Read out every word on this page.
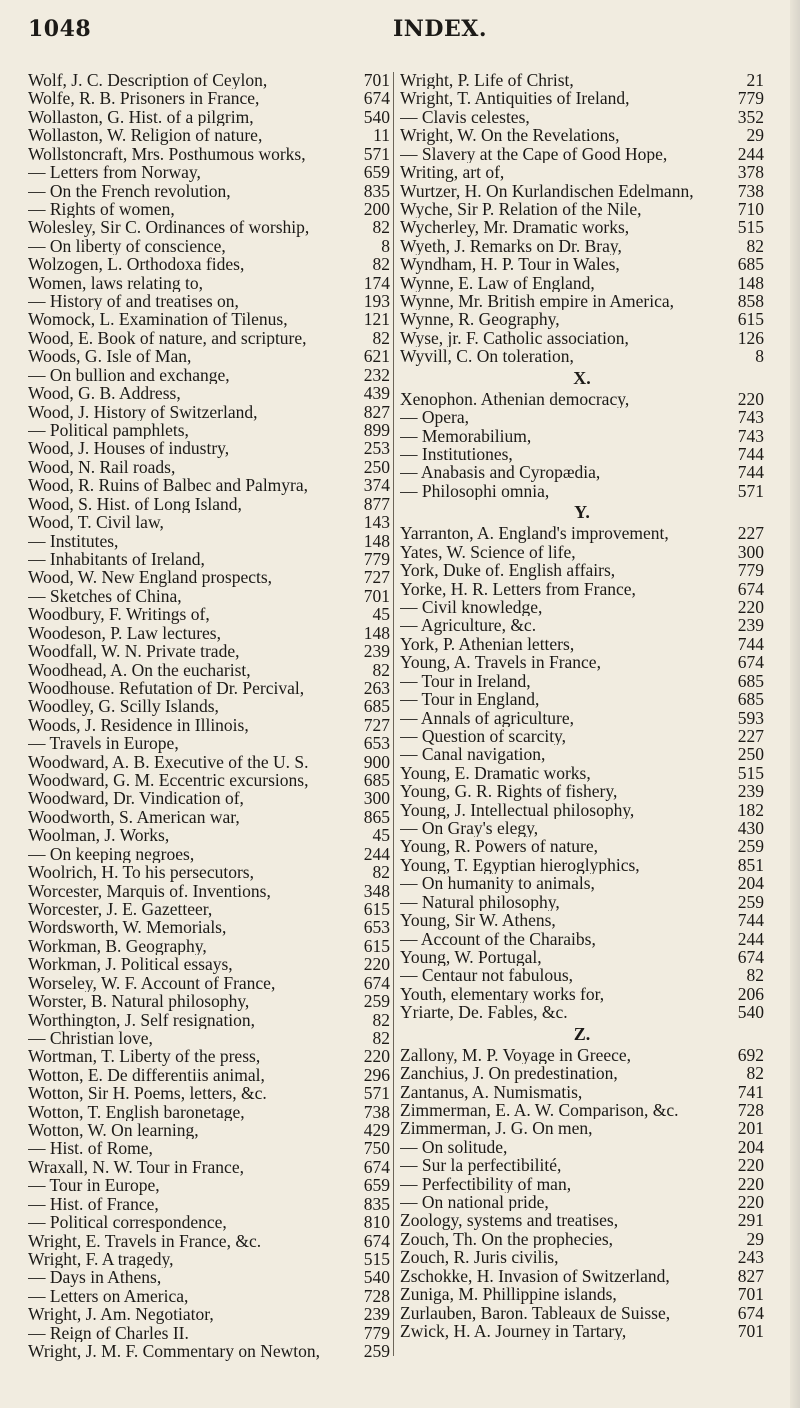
1048	INDEX.
Wolf, J. C. Description of Ceylon,	701
Wolfe, R. B. Prisoners in France,	674
Wollaston, G. Hist. of a pilgrim,	540
Wollaston, W. Religion of nature,	11
Wollstoncraft, Mrs. Posthumous works,	571
— Letters from Norway,	659
— On the French revolution,	835
— Rights of women,	200
Wolesley, Sir C. Ordinances of worship,	82
— On liberty of conscience,	8
Wolzogen, L. Orthodoxa fides,	82
Women, laws relating to,	174
— History of and treatises on,	193
Womock, L. Examination of Tilenus,	121
Wood, E. Book of nature, and scripture,	82
Woods, G. Isle of Man,	621
— On bullion and exchange,	232
Wood, G. B. Address,	439
Wood, J. History of Switzerland,	827
— Political pamphlets,	899
Wood, J. Houses of industry,	253
Wood, N. Rail roads,	250
Wood, R. Ruins of Balbec and Palmyra,	374
Wood, S. Hist. of Long Island,	877
Wood, T. Civil law,	143
— Institutes,	148
— Inhabitants of Ireland,	779
Wood, W. New England prospects,	727
— Sketches of China,	701
Woodbury, F. Writings of,	45
Woodeson, P. Law lectures,	148
Woodfall, W. N. Private trade,	239
Woodhead, A. On the eucharist,	82
Woodhouse. Refutation of Dr. Percival,	263
Woodley, G. Scilly Islands,	685
Woods, J. Residence in Illinois,	727
— Travels in Europe,	653
Woodward, A. B. Executive of the U. S.	900
Woodward, G. M. Eccentric excursions,	685
Woodward, Dr. Vindication of,	300
Woodworth, S. American war,	865
Woolman, J. Works,	45
— On keeping negroes,	244
Woolrich, H. To his persecutors,	82
Worcester, Marquis of. Inventions,	348
Worcester, J. E. Gazetteer,	615
Wordsworth, W. Memorials,	653
Workman, B. Geography,	615
Workman, J. Political essays,	220
Worseley, W. F. Account of France,	674
Worster, B. Natural philosophy,	259
Worthington, J. Self resignation,	82
— Christian love,	82
Wortman, T. Liberty of the press,	220
Wotton, E. De differentiis animal,	296
Wotton, Sir H. Poems, letters, &c.	571
Wotton, T. English baronetage,	738
Wotton, W. On learning,	429
— Hist. of Rome,	750
Wraxall, N. W. Tour in France,	674
— Tour in Europe,	659
— Hist. of France,	835
— Political correspondence,	810
Wright, E. Travels in France, &c.	674
Wright, F. A tragedy,	515
— Days in Athens,	540
— Letters on America,	728
Wright, J. Am. Negotiator,	239
— Reign of Charles II.	779
Wright, J. M. F. Commentary on Newton,	259
Wright, P. Life of Christ,	21
Wright, T. Antiquities of Ireland,	779
— Clavis celestes,	352
Wright, W. On the Revelations,	29
— Slavery at the Cape of Good Hope,	244
Writing, art of,	378
Wurtzer, H. On Kurlandischen Edelmann,	738
Wyche, Sir P. Relation of the Nile,	710
Wycherley, Mr. Dramatic works,	515
Wyeth, J. Remarks on Dr. Bray,	82
Wyndham, H. P. Tour in Wales,	685
Wynne, E. Law of England,	148
Wynne, Mr. British empire in America,	858
Wynne, R. Geography,	615
Wyse, jr. F. Catholic association,	126
Wyvill, C. On toleration,	8
X.
Xenophon. Athenian democracy,	220
— Opera,	743
— Memorabilium,	743
— Institutiones,	744
— Anabasis and Cyropædia,	744
— Philosophi omnia,	571
Y.
Yarranton, A. England's improvement,	227
Yates, W. Science of life,	300
York, Duke of. English affairs,	779
Yorke, H. R. Letters from France,	674
— Civil knowledge,	220
— Agriculture, &c.	239
York, P. Athenian letters,	744
Young, A. Travels in France,	674
— Tour in Ireland,	685
— Tour in England,	685
— Annals of agriculture,	593
— Question of scarcity,	227
— Canal navigation,	250
Young, E. Dramatic works,	515
Young, G. R. Rights of fishery,	239
Young, J. Intellectual philosophy,	182
— On Gray's elegy,	430
Young, R. Powers of nature,	259
Young, T. Egyptian hieroglyphics,	851
— On humanity to animals,	204
— Natural philosophy,	259
Young, Sir W. Athens,	744
— Account of the Charaibs,	244
Young, W. Portugal,	674
— Centaur not fabulous,	82
Youth, elementary works for,	206
Yriarte, De. Fables, &c.	540
Z.
Zallony, M. P. Voyage in Greece,	692
Zanchius, J. On predestination,	82
Zantanus, A. Numismatis,	741
Zimmerman, E. A. W. Comparison, &c.	728
Zimmerman, J. G. On men,	201
— On solitude,	204
— Sur la perfectibilité,	220
— Perfectibility of man,	220
— On national pride,	220
Zoology, systems and treatises,	291
Zouch, Th. On the prophecies,	29
Zouch, R. Juris civilis,	243
Zschokke, H. Invasion of Switzerland,	827
Zuniga, M. Phillippine islands,	701
Zurlauben, Baron. Tableaux de Suisse,	674
Zwick, H. A. Journey in Tartary,	701
